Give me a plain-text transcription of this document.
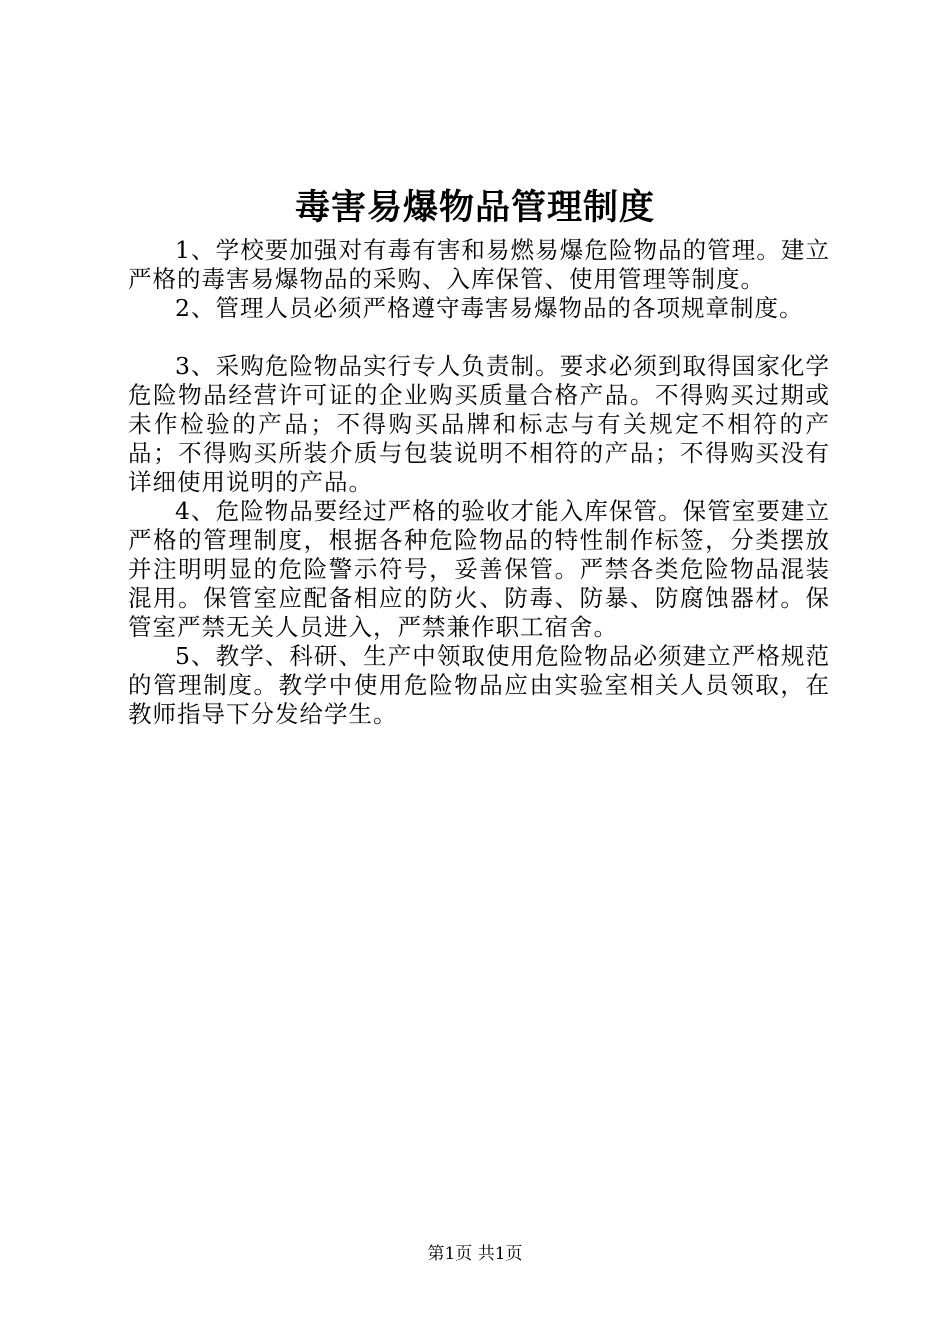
毒害易爆物品管理制度

1、学校要加强对有毒有害和易燃易爆危险物品的管理。建立严格的毒害易爆物品的采购、入库保管、使用管理等制度。

2、管理人员必须严格遵守毒害易爆物品的各项规章制度。

3、采购危险物品实行专人负责制。要求必须到取得国家化学危险物品经营许可证的企业购买质量合格产品。不得购买过期或未作检验的产品；不得购买品牌和标志与有关规定不相符的产品；不得购买所装介质与包装说明不相符的产品；不得购买没有详细使用说明的产品。

4、危险物品要经过严格的验收才能入库保管。保管室要建立严格的管理制度，根据各种危险物品的特性制作标签，分类摆放并注明明显的危险警示符号，妥善保管。严禁各类危险物品混装混用。保管室应配备相应的防火、防毒、防暴、防腐蚀器材。保管室严禁无关人员进入，严禁兼作职工宿舍。

5、教学、科研、生产中领取使用危险物品必须建立严格规范的管理制度。教学中使用危险物品应由实验室相关人员领取，在教师指导下分发给学生。

第1页 共1页
